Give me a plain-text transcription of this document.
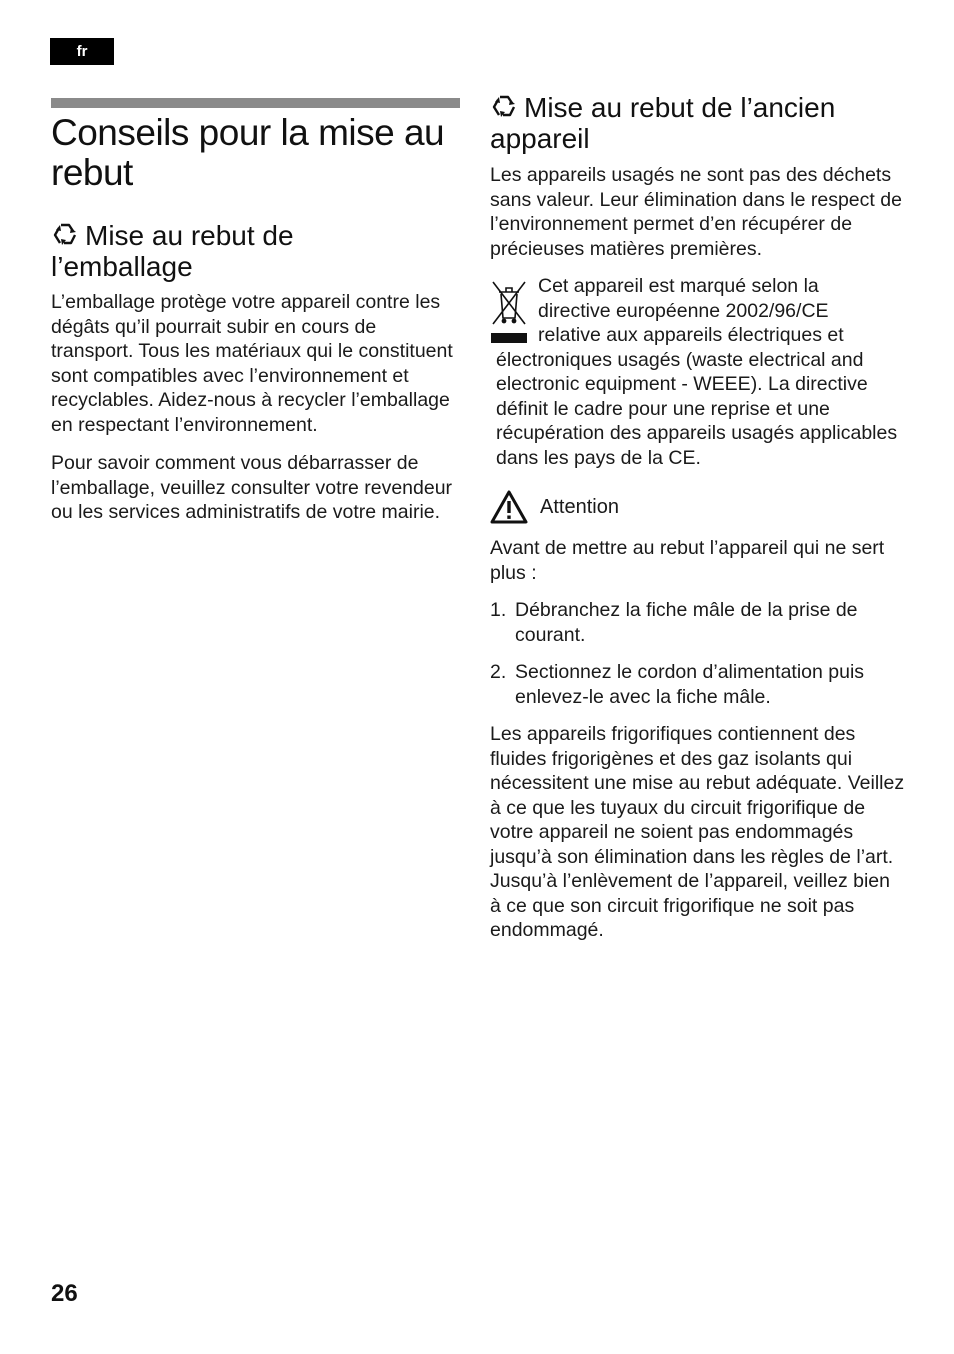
fr
Conseils pour la mise au rebut
Mise au rebut de l’emballage

L’emballage protège votre appareil contre les dégâts qu’il pourrait subir en cours de transport. Tous les matériaux qui le constituent sont compatibles avec l’environnement et recyclables. Aidez-nous à recycler l’emballage en respectant l’environnement.

Pour savoir comment vous débarrasser de l’emballage, veuillez consulter votre revendeur ou les services administratifs de votre mairie.

Mise au rebut de l’ancien appareil

Les appareils usagés ne sont pas des déchets sans valeur. Leur élimination dans le respect de l’environnement permet d’en récupérer de précieuses matières premières.

Cet appareil est marqué selon la

directive européenne 2002/96/CE

relative aux appareils électriques et

électroniques usagés (waste electrical and electronic equipment - WEEE). La directive définit le cadre pour une reprise et une récupération des appareils usagés applicables dans les pays de la CE.

Attention

Avant de mettre au rebut l’appareil qui ne sert plus :

1. Débranchez la fiche mâle de la prise de courant.
2. Sectionnez le cordon d’alimentation puis enlevez-le avec la fiche mâle.

Les appareils frigorifiques contiennent des fluides frigorigènes et des gaz isolants qui nécessitent une mise au rebut adéquate. Veillez à ce que les tuyaux du circuit frigorifique de votre appareil ne soient pas endommagés jusqu’à son élimination dans les règles de l’art. Jusqu’à l’enlèvement de l’appareil, veillez bien à ce que son circuit frigorifique ne soit pas endommagé.

26
